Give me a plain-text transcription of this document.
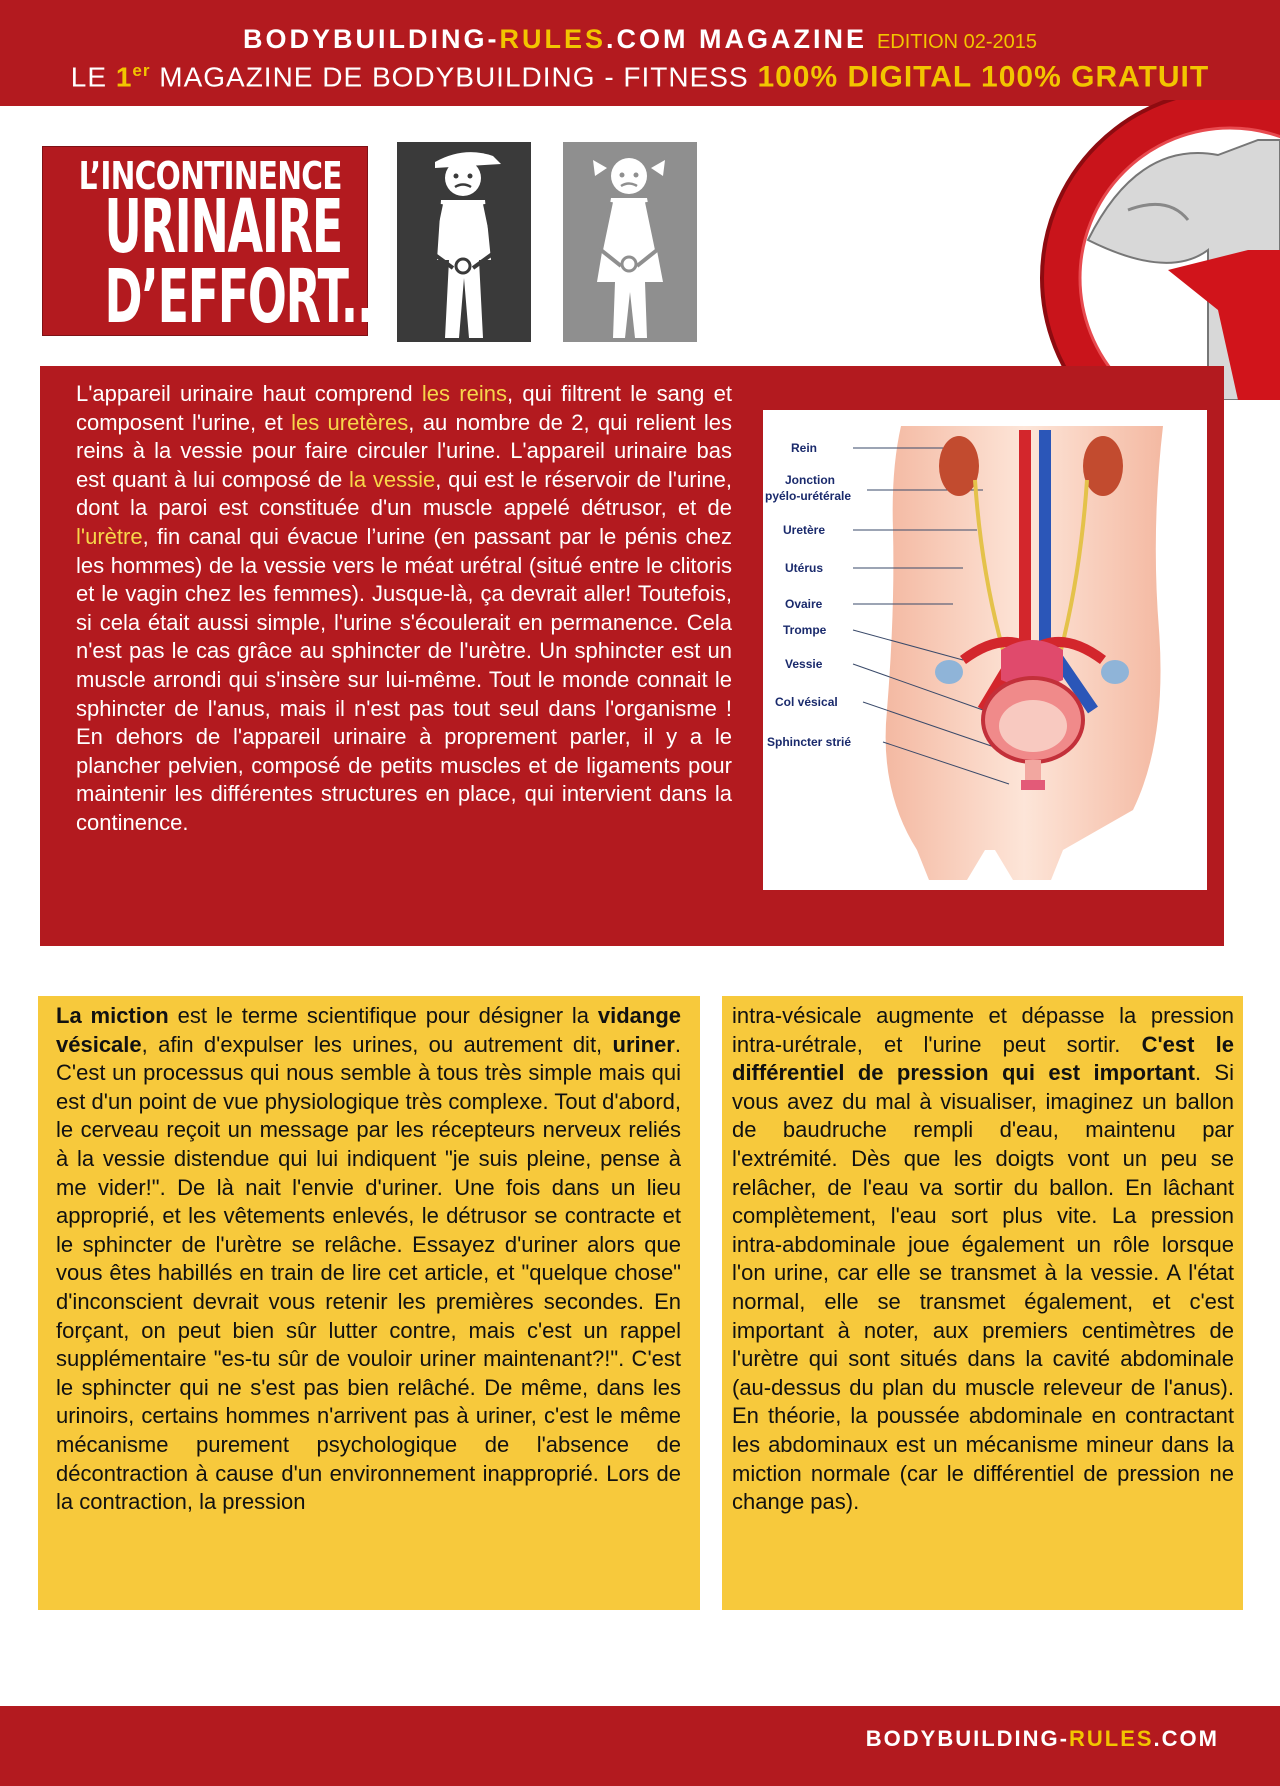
BODYBUILDING-RULES.COM MAGAZINE EDITION 02-2015
LE 1er MAGAZINE DE BODYBUILDING - FITNESS 100% DIGITAL 100% GRATUIT
L’INCONTINENCE
URINAIRE
D’EFFORT...
L'appareil urinaire haut comprend les reins, qui filtrent le sang et composent l'urine, et les uretères, au nombre de 2, qui relient les reins à la vessie pour faire circuler l'urine. L'appareil urinaire bas est quant à lui composé de la vessie, qui est le réservoir de l'urine, dont la paroi est constituée d'un muscle appelé détrusor, et de l'urètre, fin canal qui évacue l’urine (en passant par le pénis chez les hommes) de la vessie vers le méat urétral (situé entre le clitoris et le vagin chez les femmes). Jusque-là, ça devrait aller! Toutefois, si cela était aussi simple, l'urine s'écoulerait en permanence. Cela n'est pas le cas grâce au sphincter de l'urètre. Un sphincter est un muscle arrondi qui s'insère sur lui-même. Tout le monde connait le sphincter de l'anus, mais il n'est pas tout seul dans l'organisme ! En dehors de l'appareil urinaire à proprement parler, il y a le plancher pelvien, composé de petits muscles et de ligaments pour maintenir les différentes structures en place, qui intervient dans la continence.
Rein
Jonction
pyélo-urétérale
Uretère
Utérus
Ovaire
Trompe
Vessie
Col vésical
Sphincter strié
La miction est le terme scientifique pour désigner la vidange vésicale, afin d'expulser les urines, ou autrement dit, uriner. C'est un processus qui nous semble à tous très simple mais qui est d'un point de vue physiologique très complexe. Tout d'abord, le cerveau reçoit un message par les récepteurs nerveux reliés à la vessie distendue qui lui indiquent "je suis pleine, pense à me vider!". De là nait l'envie d'uriner. Une fois dans un lieu approprié, et les vêtements enlevés, le détrusor se contracte et le sphincter de l'urètre se relâche. Essayez d'uriner alors que vous êtes habillés en train de lire cet article, et "quelque chose" d'inconscient devrait vous retenir les premières secondes. En forçant, on peut bien sûr lutter contre, mais c'est un rappel supplémentaire "es-tu sûr de vouloir uriner maintenant?!". C'est le sphincter qui ne s'est pas bien relâché. De même, dans les urinoirs, certains hommes n'arrivent pas à uriner, c'est le même mécanisme purement psychologique de l'absence de décontraction à cause d'un environnement inapproprié. Lors de la contraction, la pression
intra-vésicale augmente et dépasse la pression intra-urétrale, et l'urine peut sortir. C'est le différentiel de pression qui est important. Si vous avez du mal à visualiser, imaginez un ballon de baudruche rempli d'eau, maintenu par l'extrémité. Dès que les doigts vont un peu se relâcher, de l'eau va sortir du ballon. En lâchant complètement, l'eau sort plus vite. La pression intra-abdominale joue également un rôle lorsque l'on urine, car elle se transmet à la vessie. A l'état normal, elle se transmet également, et c'est important à noter, aux premiers centimètres de l'urètre qui sont situés dans la cavité abdominale (au-dessus du plan du muscle releveur de l'anus). En théorie, la poussée abdominale en contractant les abdominaux est un mécanisme mineur dans la miction normale (car le différentiel de pression ne change pas).
BODYBUILDING-RULES.COM
